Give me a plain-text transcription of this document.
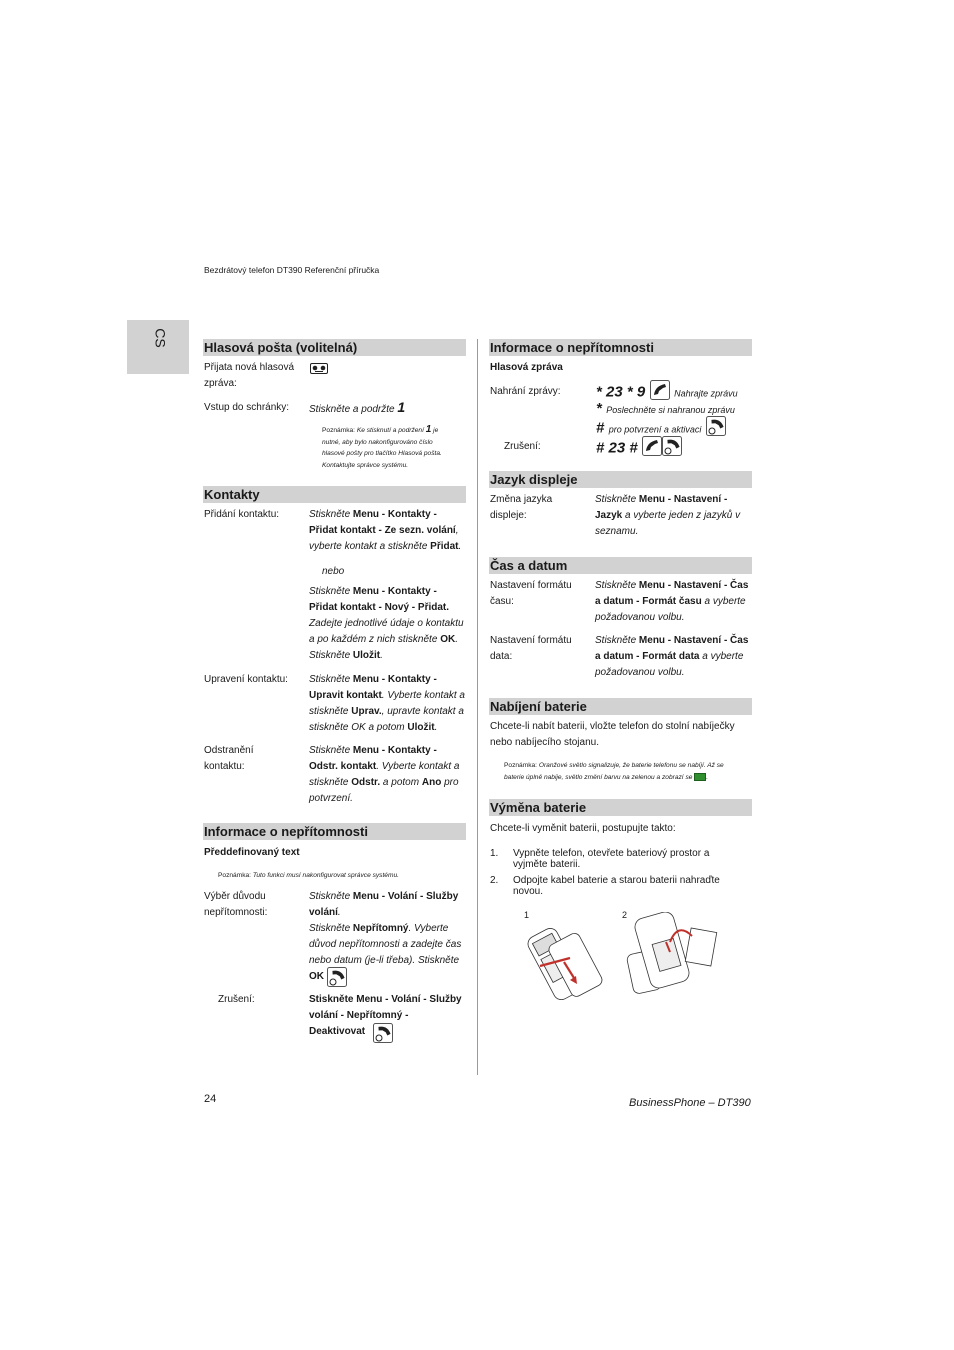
Bezdrátový telefon DT390 Referenční příručka
CS	Hlasová pošta (volitelná)
Přijata nová hlasová zpráva:
Vstup do schránky: Stiskněte a podržte 1
Poznámka: Ke stisknutí a podržení 1 je nutné, aby bylo nakonfigurováno číslo hlasové pošty pro tlačítko Hlasová pošta. Kontaktujte správce systému.
Kontakty
Přidání kontaktu:	Stiskněte Menu - Kontakty - Přidat kontakt - Ze sezn. volání, vyberte kontakt a stiskněte Přidat.
nebo
Stiskněte Menu - Kontakty - Přidat kontakt - Nový - Přidat. Zadejte jednotlivé údaje o kontaktu a po každém z nich stiskněte OK. Stiskněte Uložit.
Upravení kontaktu: Stiskněte Menu - Kontakty - Upravit kontakt. Vyberte kontakt a stiskněte Uprav., upravte kontakt a stiskněte OK a potom Uložit.
Odstranění
kontaktu:
Stiskněte Menu - Kontakty - Odstr. kontakt. Vyberte kontakt a stiskněte Odstr. a potom Ano pro potvrzení.
Informace o nepřítomnosti
Předdefinovaný text
Poznámka: Tuto funkci musí nakonfigurovat správce systému.
Výběr důvodu
nepřítomnosti:
Stiskněte Menu - Volání - Služby volání.
Stiskněte Nepřítomný. Vyberte důvod nepřítomnosti a zadejte čas nebo datum (je-li třeba). Stiskněte OK
Zrušení:	Stiskněte Menu - Volání - Služby volání - Nepřítomný - Deaktivovat
Informace o nepřítomnosti
Hlasová zpráva
Nahrání zprávy: * 23 * 9	Nahrajte zprávu
* Poslechněte si nahranou zprávu
# pro potvrzení a aktivaci
Zrušení:	# 23 #
Jazyk displeje
Změna jazyka
displeje:
Stiskněte Menu - Nastavení - Jazyk a vyberte jeden z jazyků v seznamu.
Čas a datum
Nastavení formátu
času:
Stiskněte Menu - Nastavení - Čas a datum - Formát času a vyberte požadovanou volbu.
Nastavení formátu
data:
Stiskněte Menu - Nastavení - Čas a datum - Formát data a vyberte požadovanou volbu.
Nabíjení baterie
Chcete-li nabít baterii, vložte telefon do stolní nabíječky
nebo nabíjecího stojanu.
Poznámka: Oranžové světlo signalizuje, že baterie telefonu se nabíjí. Až se
baterie úplně nabije, světlo změní barvu na zelenou a zobrazí se .
Výměna baterie
Chcete-li vyměnit baterii, postupujte takto:
1. Vypněte telefon, otevřete bateriový prostor a
vyjměte baterii.
2. Odpojte kabel baterie a starou baterii nahraďte
novou.
1	2
24	BusinessPhone – DT390
